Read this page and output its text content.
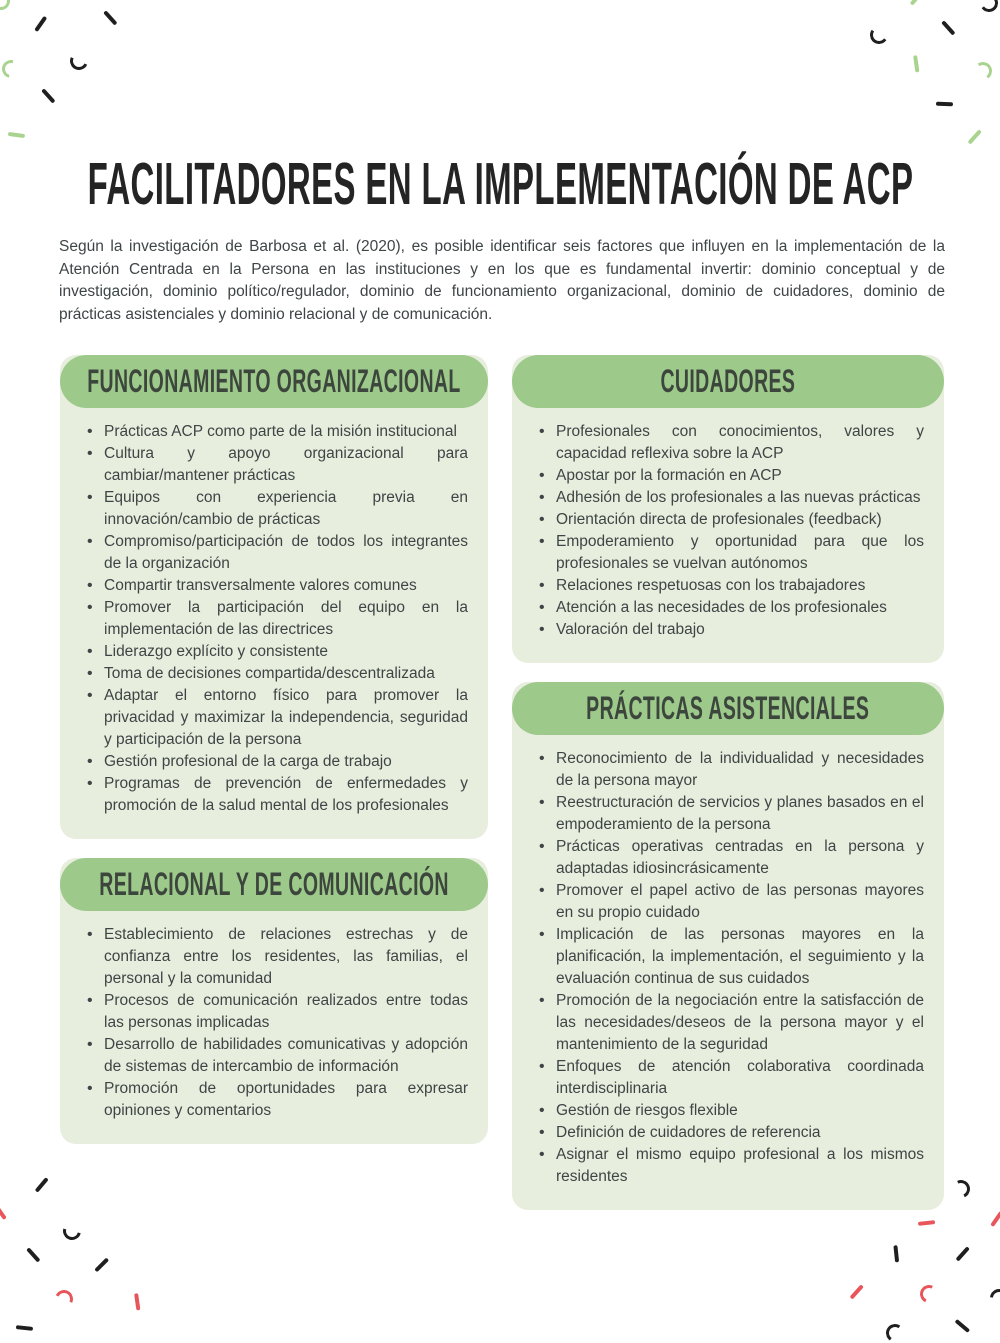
FACILITADORES EN LA IMPLEMENTACIÓN DE ACP

Según la investigación de Barbosa et al. (2020), es posible identificar seis factores que influyen en la implementación de la Atención Centrada en la Persona en las instituciones y en los que es fundamental invertir: dominio conceptual y de investigación, dominio político/regulador, dominio de funcionamiento organizacional, dominio de cuidadores, dominio de prácticas asistenciales y dominio relacional y de comunicación.

FUNCIONAMIENTO ORGANIZACIONAL
• Prácticas ACP como parte de la misión institucional
• Cultura y apoyo organizacional para cambiar/mantener prácticas
• Equipos con experiencia previa en innovación/cambio de prácticas
• Compromiso/participación de todos los integrantes de la organización
• Compartir transversalmente valores comunes
• Promover la participación del equipo en la implementación de las directrices
• Liderazgo explícito y consistente
• Toma de decisiones compartida/descentralizada
• Adaptar el entorno físico para promover la privacidad y maximizar la independencia, seguridad y participación de la persona
• Gestión profesional de la carga de trabajo
• Programas de prevención de enfermedades y promoción de la salud mental de los profesionales
RELACIONAL Y DE COMUNICACIÓN
• Establecimiento de relaciones estrechas y de confianza entre los residentes, las familias, el personal y la comunidad
• Procesos de comunicación realizados entre todas las personas implicadas
• Desarrollo de habilidades comunicativas y adopción de sistemas de intercambio de información
• Promoción de oportunidades para expresar opiniones y comentarios
CUIDADORES
• Profesionales con conocimientos, valores y capacidad reflexiva sobre la ACP
• Apostar por la formación en ACP
• Adhesión de los profesionales a las nuevas prácticas
• Orientación directa de profesionales (feedback)
• Empoderamiento y oportunidad para que los profesionales se vuelvan autónomos
• Relaciones respetuosas con los trabajadores
• Atención a las necesidades de los profesionales
• Valoración del trabajo
PRÁCTICAS ASISTENCIALES
• Reconocimiento de la individualidad y necesidades de la persona mayor
• Reestructuración de servicios y planes basados en el empoderamiento de la persona
• Prácticas operativas centradas en la persona y adaptadas idiosincrásicamente
• Promover el papel activo de las personas mayores en su propio cuidado
• Implicación de las personas mayores en la planificación, la implementación, el seguimiento y la evaluación continua de sus cuidados
• Promoción de la negociación entre la satisfacción de las necesidades/deseos de la persona mayor y el mantenimiento de la seguridad
• Enfoques de atención colaborativa coordinada interdisciplinaria
• Gestión de riesgos flexible
• Definición de cuidadores de referencia
• Asignar el mismo equipo profesional a los mismos residentes
